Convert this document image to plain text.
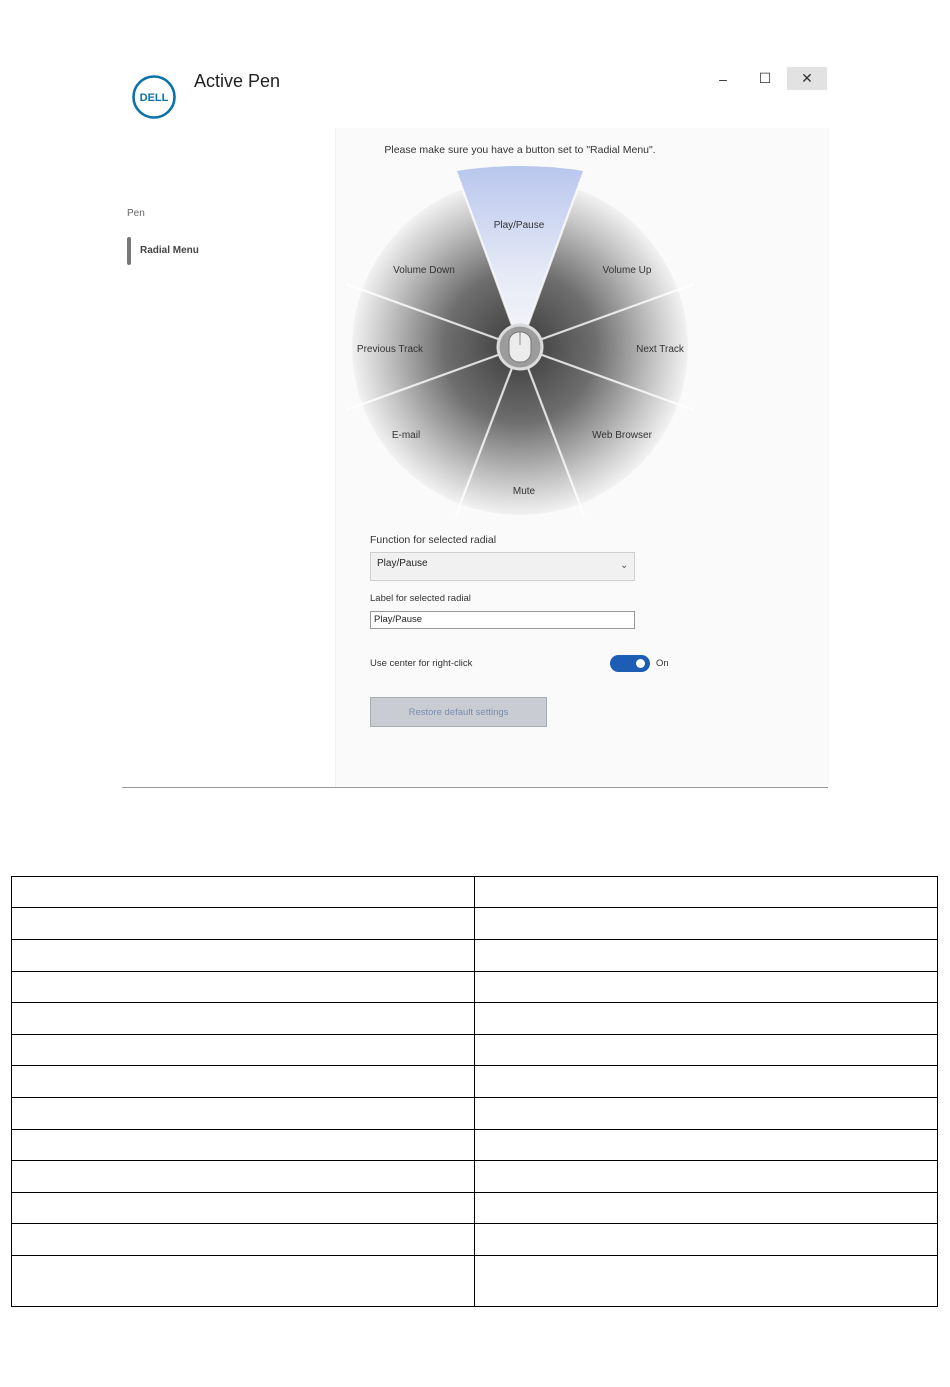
DELL
Active Pen	– ☐ ✕
Pen
Radial Menu
Please make sure you have a button set to "Radial Menu".
Play/Pause
Volume Up
Next Track
Web Browser
Mute
E-mail
Previous Track
Volume Down
Function for selected radial
Play/Pause	⌄
Label for selected radial
Play/Pause
Use center for right-click	On
Restore default settings
